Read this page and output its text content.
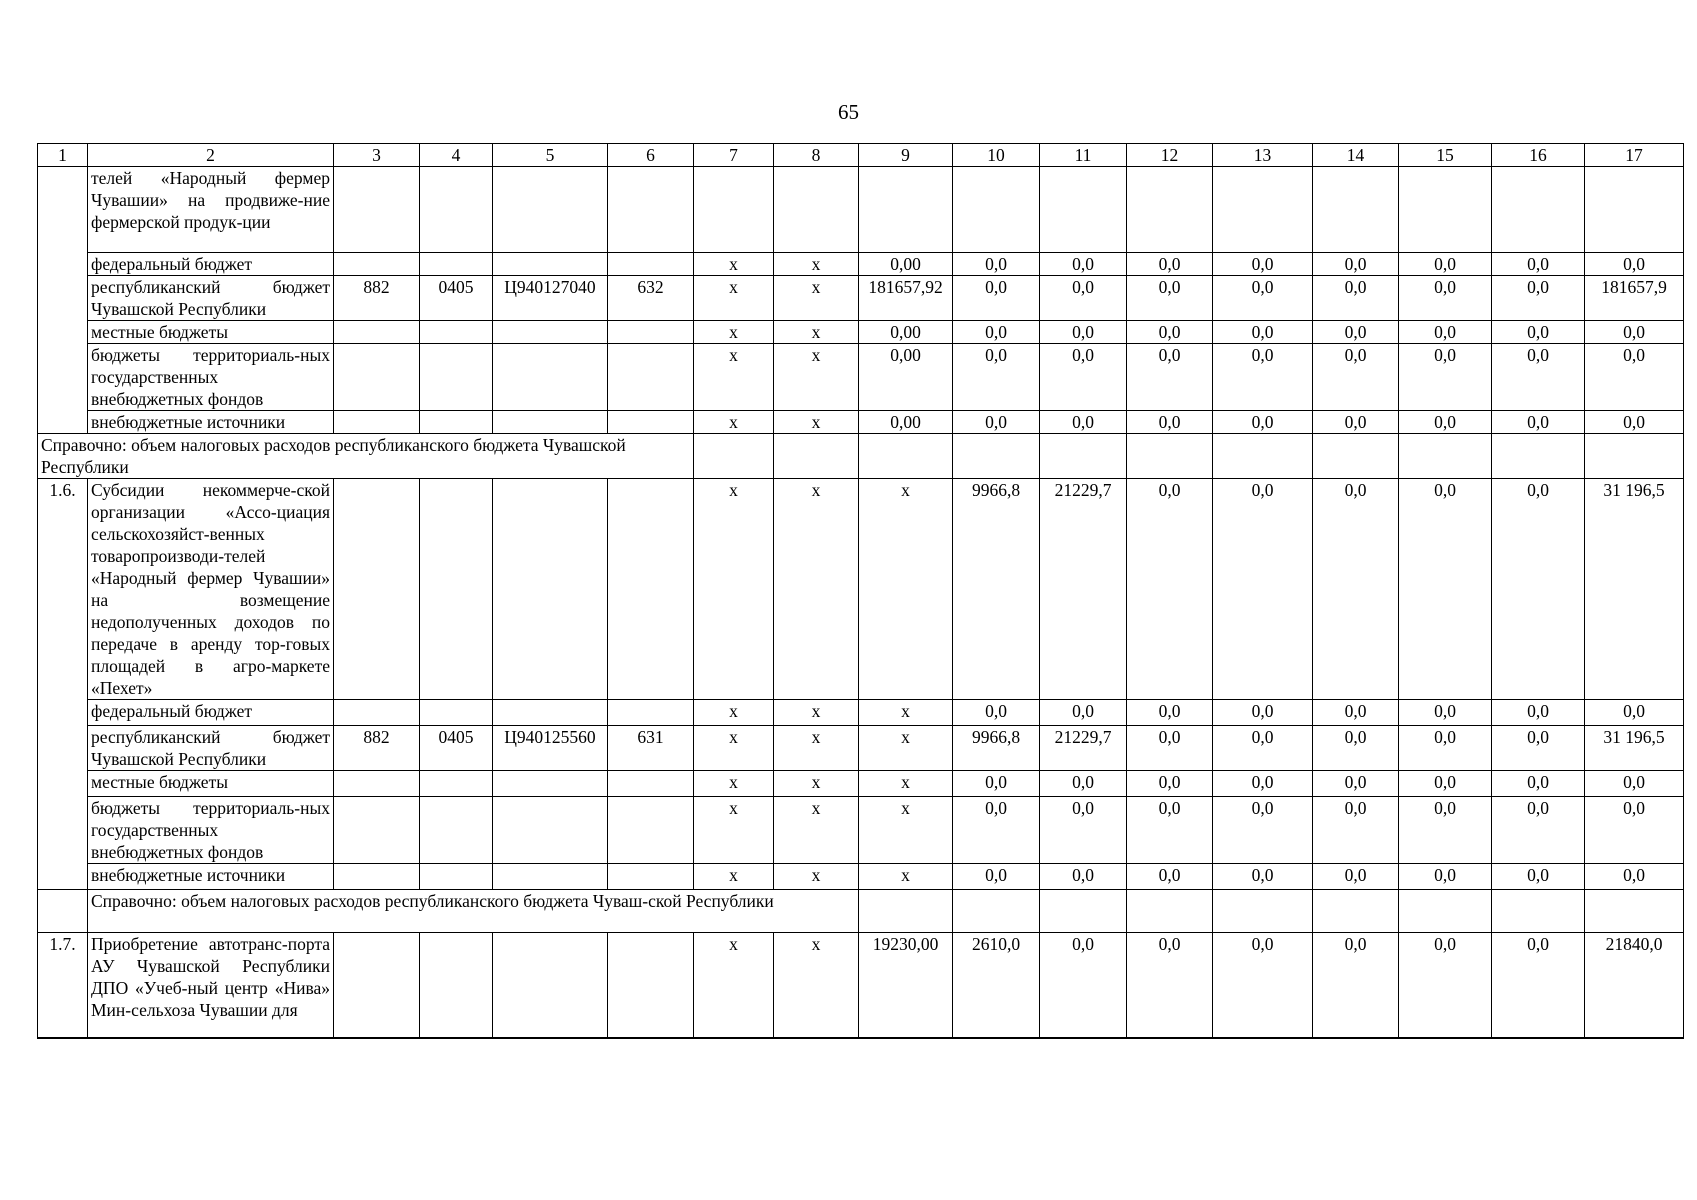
65
1	2	3	4	5	6	7	8	9	10	11	12	13	14	15	16	17
	телей «Народный фермер Чувашии» на продвиже-ние фермерской продук-ции															
	федеральный бюджет					х	х	0,00	0,0	0,0	0,0	0,0	0,0	0,0	0,0	0,0
	республиканский бюджет Чувашской Республики	882	0405	Ц940127040	632	х	х	181657,92	0,0	0,0	0,0	0,0	0,0	0,0	0,0	181657,9
	местные бюджеты					х	х	0,00	0,0	0,0	0,0	0,0	0,0	0,0	0,0	0,0
	бюджеты территориаль-ных государственных внебюджетных фондов					х	х	0,00	0,0	0,0	0,0	0,0	0,0	0,0	0,0	0,0
	внебюджетные источники					х	х	0,00	0,0	0,0	0,0	0,0	0,0	0,0	0,0	0,0
Справочно: объем налоговых расходов республиканского бюджета Чувашской Республики																
1.6.	Субсидии некоммерче-ской организации «Ассо-циация сельскохозяйст-венных товаропроизводи-телей «Народный фермер Чувашии» на возмещение недополученных доходов по передаче в аренду тор-говых площадей в агро-маркете «Пехет»					х	х	х	9966,8	21229,7	0,0	0,0	0,0	0,0	0,0	31 196,5
	федеральный бюджет					х	х	х	0,0	0,0	0,0	0,0	0,0	0,0	0,0	0,0
	республиканский бюджет Чувашской Республики	882	0405	Ц940125560	631	х	х	х	9966,8	21229,7	0,0	0,0	0,0	0,0	0,0	31 196,5
	местные бюджеты					х	х	х	0,0	0,0	0,0	0,0	0,0	0,0	0,0	0,0
	бюджеты территориаль-ных государственных внебюджетных фондов					х	х	х	0,0	0,0	0,0	0,0	0,0	0,0	0,0	0,0
	внебюджетные источники					х	х	х	0,0	0,0	0,0	0,0	0,0	0,0	0,0	0,0
	Справочно: объем налоговых расходов республиканского бюджета Чуваш-ской Республики															
1.7.	Приобретение автотранс-порта АУ Чувашской Республики ДПО «Учеб-ный центр «Нива» Мин-сельхоза Чувашии для					х	х	19230,00	2610,0	0,0	0,0	0,0	0,0	0,0	0,0	21840,0
